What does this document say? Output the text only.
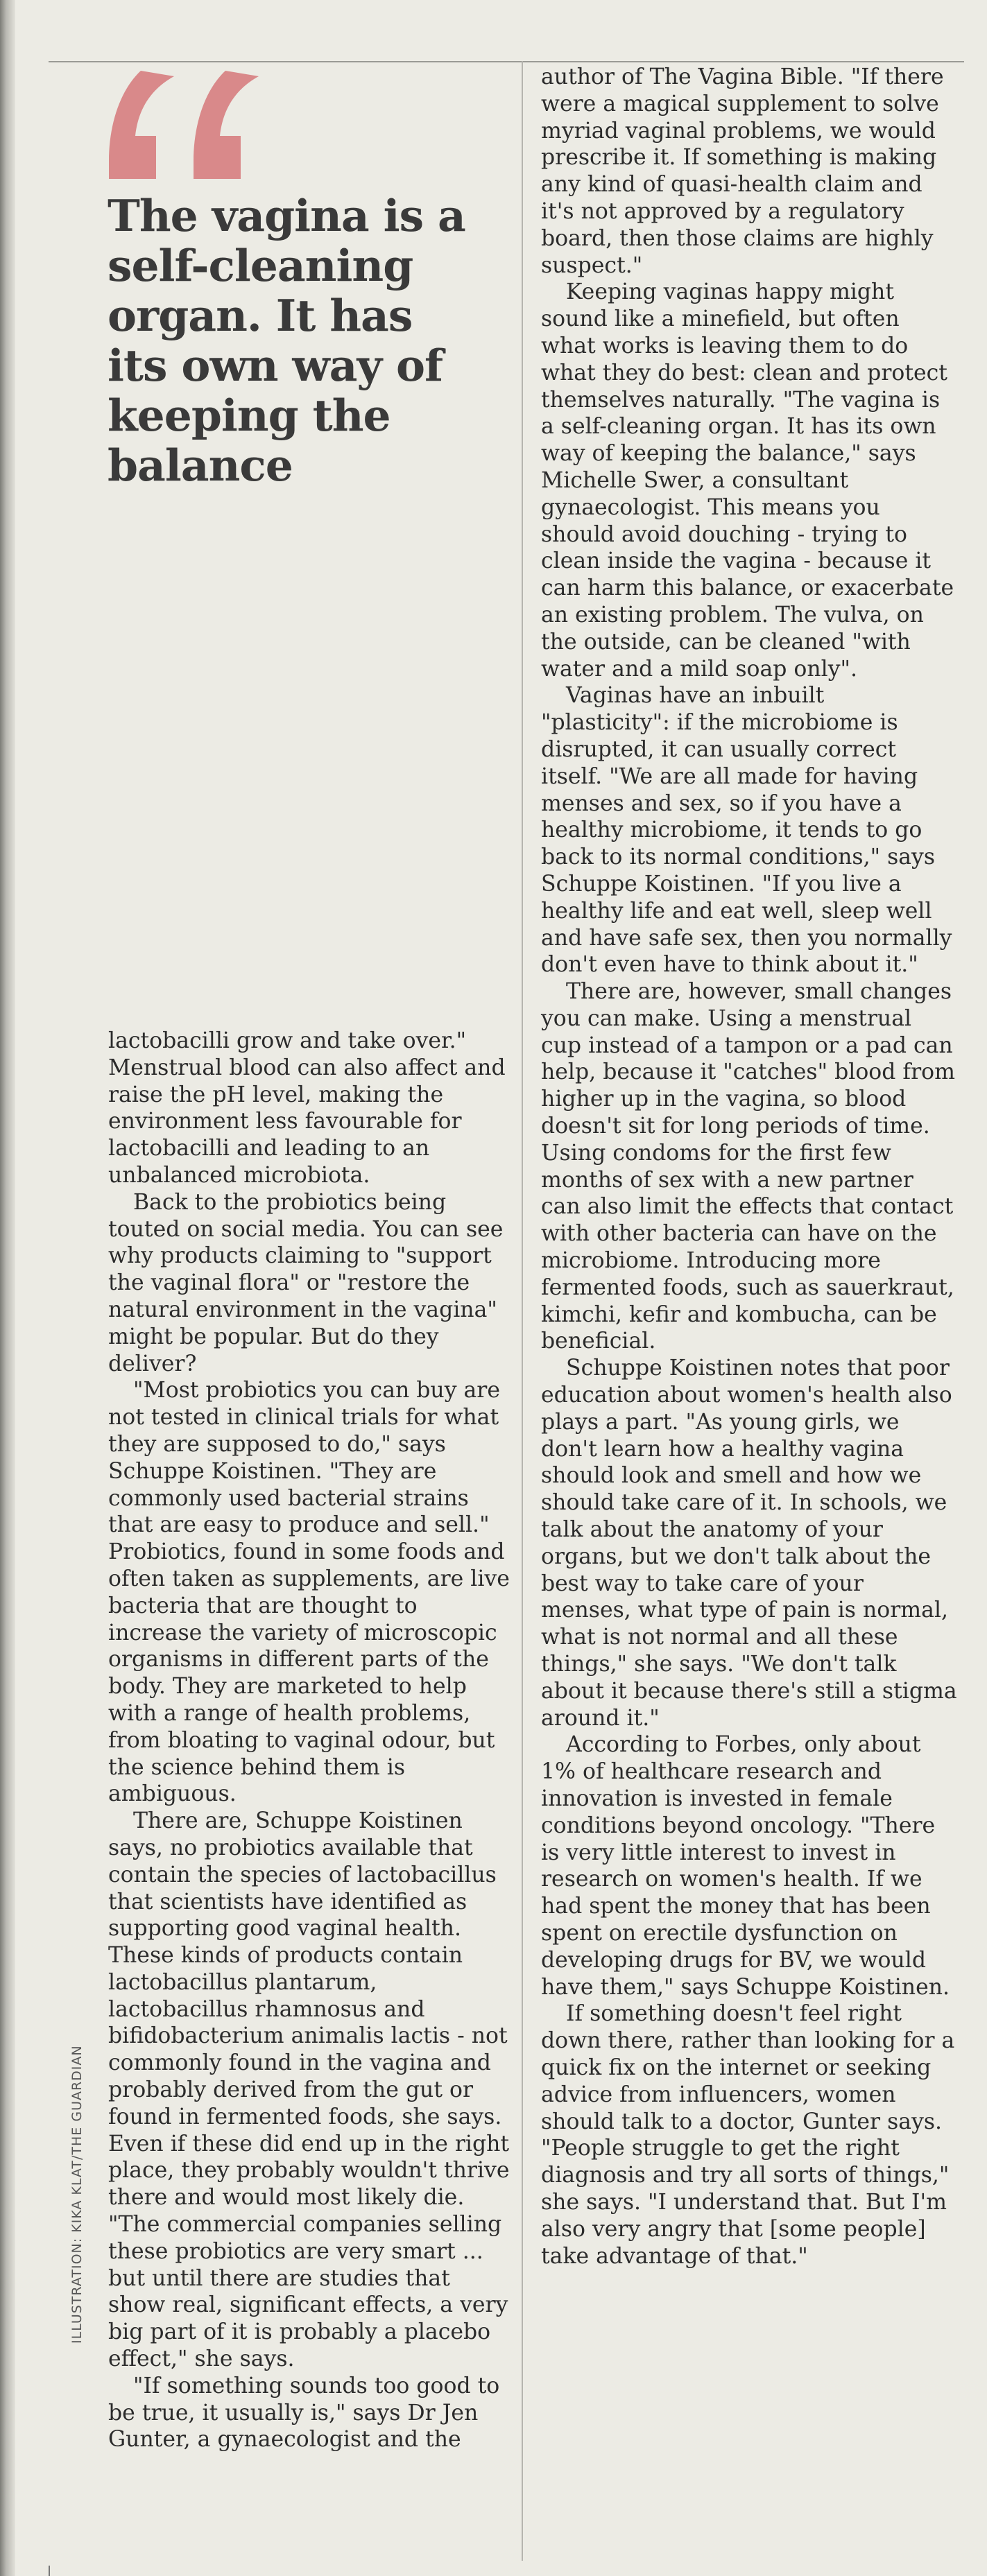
The vagina is a self-cleaning organ. It has its own way of keeping the balance

lactobacilli grow and take over." Menstrual blood can also affect and raise the pH level, making the environment less favourable for lactobacilli and leading to an unbalanced microbiota.

Back to the probiotics being touted on social media. You can see why products claiming to "support the vaginal flora" or "restore the natural environment in the vagina" might be popular. But do they deliver?

"Most probiotics you can buy are not tested in clinical trials for what they are supposed to do," says Schuppe Koistinen. "They are commonly used bacterial strains that are easy to produce and sell." Probiotics, found in some foods and often taken as supplements, are live bacteria that are thought to increase the variety of microscopic organisms in different parts of the body. They are marketed to help with a range of health problems, from bloating to vaginal odour, but the science behind them is ambiguous.

There are, Schuppe Koistinen says, no probiotics available that contain the species of lactobacillus that scientists have identified as supporting good vaginal health. These kinds of products contain lactobacillus plantarum, lactobacillus rhamnosus and bifidobacterium animalis lactis - not commonly found in the vagina and probably derived from the gut or found in fermented foods, she says. Even if these did end up in the right place, they probably wouldn't thrive there and would most likely die. "The commercial companies selling these probiotics are very smart ... but until there are studies that show real, significant effects, a very big part of it is probably a placebo effect," she says.

"If something sounds too good to be true, it usually is," says Dr Jen Gunter, a gynaecologist and the

author of The Vagina Bible. "If there were a magical supplement to solve myriad vaginal problems, we would prescribe it. If something is making any kind of quasi-health claim and it's not approved by a regulatory board, then those claims are highly suspect."

Keeping vaginas happy might sound like a minefield, but often what works is leaving them to do what they do best: clean and protect themselves naturally. "The vagina is a self-cleaning organ. It has its own way of keeping the balance," says Michelle Swer, a consultant gynaecologist. This means you should avoid douching - trying to clean inside the vagina - because it can harm this balance, or exacerbate an existing problem. The vulva, on the outside, can be cleaned "with water and a mild soap only".

Vaginas have an inbuilt "plasticity": if the microbiome is disrupted, it can usually correct itself. "We are all made for having menses and sex, so if you have a healthy microbiome, it tends to go back to its normal conditions," says Schuppe Koistinen. "If you live a healthy life and eat well, sleep well and have safe sex, then you normally don't even have to think about it."

There are, however, small changes you can make. Using a menstrual cup instead of a tampon or a pad can help, because it "catches" blood from higher up in the vagina, so blood doesn't sit for long periods of time. Using condoms for the first few months of sex with a new partner can also limit the effects that contact with other bacteria can have on the microbiome. Introducing more fermented foods, such as sauerkraut, kimchi, kefir and kombucha, can be beneficial.

Schuppe Koistinen notes that poor education about women's health also plays a part. "As young girls, we don't learn how a healthy vagina should look and smell and how we should take care of it. In schools, we talk about the anatomy of your organs, but we don't talk about the best way to take care of your menses, what type of pain is normal, what is not normal and all these things," she says. "We don't talk about it because there's still a stigma around it."

According to Forbes, only about 1% of healthcare research and innovation is invested in female conditions beyond oncology. "There is very little interest to invest in research on women's health. If we had spent the money that has been spent on erectile dysfunction on developing drugs for BV, we would have them," says Schuppe Koistinen.

If something doesn't feel right down there, rather than looking for a quick fix on the internet or seeking advice from influencers, women should talk to a doctor, Gunter says. "People struggle to get the right diagnosis and try all sorts of things," she says. "I understand that. But I'm also very angry that [some people] take advantage of that."

ILLUSTRATION: KIKA KLAT/THE GUARDIAN
